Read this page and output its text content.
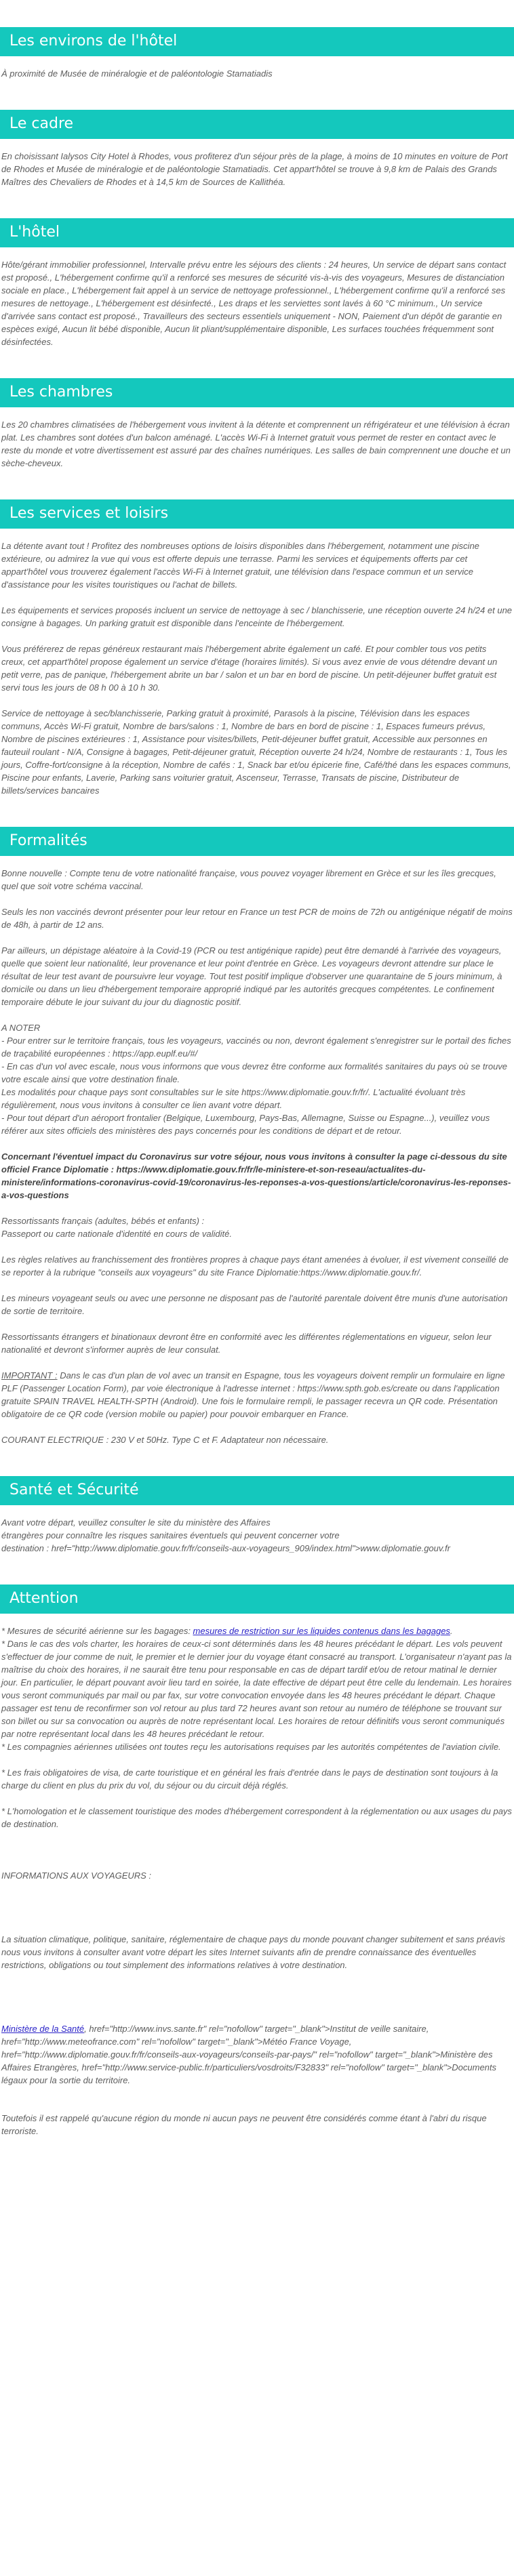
Les environs de l'hôtel

À proximité de Musée de minéralogie et de paléontologie Stamatiadis

Le cadre

En choisissant Ialysos City Hotel à Rhodes, vous profiterez d'un séjour près de la plage, à moins de 10 minutes en voiture de Port de Rhodes et Musée de minéralogie et de paléontologie Stamatiadis. Cet appart'hôtel se trouve à 9,8 km de Palais des Grands Maîtres des Chevaliers de Rhodes et à 14,5 km de Sources de Kallithéa.

L'hôtel

Hôte/gérant immobilier professionnel, Intervalle prévu entre les séjours des clients : 24 heures, Un service de départ sans contact est proposé., L'hébergement confirme qu'il a renforcé ses mesures de sécurité vis-à-vis des voyageurs, Mesures de distanciation sociale en place., L'hébergement fait appel à un service de nettoyage professionnel., L'hébergement confirme qu'il a renforcé ses mesures de nettoyage., L'hébergement est désinfecté., Les draps et les serviettes sont lavés à 60 °C minimum., Un service d'arrivée sans contact est proposé., Travailleurs des secteurs essentiels uniquement - NON, Paiement d'un dépôt de garantie en espèces exigé, Aucun lit bébé disponible, Aucun lit pliant/supplémentaire disponible, Les surfaces touchées fréquemment sont désinfectées.

Les chambres

Les 20 chambres climatisées de l'hébergement vous invitent à la détente et comprennent un réfrigérateur et une télévision à écran plat. Les chambres sont dotées d'un balcon aménagé. L'accès Wi-Fi à Internet gratuit vous permet de rester en contact avec le reste du monde et votre divertissement est assuré par des chaînes numériques. Les salles de bain comprennent une douche et un sèche-cheveux.

Les services et loisirs

La détente avant tout ! Profitez des nombreuses options de loisirs disponibles dans l'hébergement, notamment une piscine extérieure, ou admirez la vue qui vous est offerte depuis une terrasse. Parmi les services et équipements offerts par cet appart'hôtel vous trouverez également l'accès Wi-Fi à Internet gratuit, une télévision dans l'espace commun et un service d'assistance pour les visites touristiques ou l'achat de billets.

Les équipements et services proposés incluent un service de nettoyage à sec / blanchisserie, une réception ouverte 24 h/24 et une consigne à bagages. Un parking gratuit est disponible dans l'enceinte de l'hébergement.

Vous préférerez de repas généreux restaurant mais l'hébergement abrite également un café. Et pour combler tous vos petits creux, cet appart'hôtel propose également un service d'étage (horaires limités). Si vous avez envie de vous détendre devant un petit verre, pas de panique, l'hébergement abrite un bar / salon et un bar en bord de piscine. Un petit-déjeuner buffet gratuit est servi tous les jours de 08 h 00 à 10 h 30.

Service de nettoyage à sec/blanchisserie, Parking gratuit à proximité, Parasols à la piscine, Télévision dans les espaces communs, Accès Wi-Fi gratuit, Nombre de bars/salons : 1, Nombre de bars en bord de piscine : 1, Espaces fumeurs prévus, Nombre de piscines extérieures : 1, Assistance pour visites/billets, Petit-déjeuner buffet gratuit, Accessible aux personnes en fauteuil roulant - N/A, Consigne à bagages, Petit-déjeuner gratuit, Réception ouverte 24 h/24, Nombre de restaurants : 1, Tous les jours, Coffre-fort/consigne à la réception, Nombre de cafés : 1, Snack bar et/ou épicerie fine, Café/thé dans les espaces communs, Piscine pour enfants, Laverie, Parking sans voiturier gratuit, Ascenseur, Terrasse, Transats de piscine, Distributeur de billets/services bancaires

Formalités

Bonne nouvelle : Compte tenu de votre nationalité française, vous pouvez voyager librement en Grèce et sur les îles grecques, quel que soit votre schéma vaccinal.

Seuls les non vaccinés devront présenter pour leur retour en France un test PCR de moins de 72h ou antigénique négatif de moins de 48h, à partir de 12 ans.

Par ailleurs, un dépistage aléatoire à la Covid-19 (PCR ou test antigénique rapide) peut être demandé à l'arrivée des voyageurs, quelle que soient leur nationalité, leur provenance et leur point d'entrée en Grèce. Les voyageurs devront attendre sur place le résultat de leur test avant de poursuivre leur voyage. Tout test positif implique d'observer une quarantaine de 5 jours minimum, à domicile ou dans un lieu d'hébergement temporaire approprié indiqué par les autorités grecques compétentes. Le confinement temporaire débute le jour suivant du jour du diagnostic positif.

A NOTER
- Pour entrer sur le territoire français, tous les voyageurs, vaccinés ou non, devront également s'enregistrer sur le portail des fiches de traçabilité européennes : https://app.euplf.eu/#/
- En cas d'un vol avec escale, nous vous informons que vous devrez être conforme aux formalités sanitaires du pays où se trouve votre escale ainsi que votre destination finale.
Les modalités pour chaque pays sont consultables sur le site https://www.diplomatie.gouv.fr/fr/. L'actualité évoluant très régulièrement, nous vous invitons à consulter ce lien avant votre départ.
- Pour tout départ d'un aéroport frontalier (Belgique, Luxembourg, Pays-Bas, Allemagne, Suisse ou Espagne...), veuillez vous référer aux sites officiels des ministères des pays concernés pour les conditions de départ et de retour.

Concernant l'éventuel impact du Coronavirus sur votre séjour, nous vous invitons à consulter la page ci-dessous du site officiel France Diplomatie : https://www.diplomatie.gouv.fr/fr/le-ministere-et-son-reseau/actualites-du-ministere/informations-coronavirus-covid-19/coronavirus-les-reponses-a-vos-questions/article/coronavirus-les-reponses-a-vos-questions

Ressortissants français (adultes, bébés et enfants) :
Passeport ou carte nationale d'identité en cours de validité.

Les règles relatives au franchissement des frontières propres à chaque pays étant amenées à évoluer, il est vivement conseillé de se reporter à la rubrique "conseils aux voyageurs" du site France Diplomatie:https://www.diplomatie.gouv.fr/.

Les mineurs voyageant seuls ou avec une personne ne disposant pas de l'autorité parentale doivent être munis d'une autorisation de sortie de territoire.

Ressortissants étrangers et binationaux devront être en conformité avec les différentes réglementations en vigueur, selon leur nationalité et devront s'informer auprès de leur consulat.

IMPORTANT : Dans le cas d'un plan de vol avec un transit en Espagne, tous les voyageurs doivent remplir un formulaire en ligne PLF (Passenger Location Form), par voie électronique à l'adresse internet : https://www.spth.gob.es/create ou dans l'application gratuite SPAIN TRAVEL HEALTH-SPTH (Android). Une fois le formulaire rempli, le passager recevra un QR code. Présentation obligatoire de ce QR code (version mobile ou papier) pour pouvoir embarquer en France.

COURANT ELECTRIQUE : 230 V et 50Hz. Type C et F. Adaptateur non nécessaire.

Santé et Sécurité
Avant votre départ, veuillez consulter le site du ministère des Affaires
étrangères pour connaître les risques sanitaires éventuels qui peuvent concerner votre
destination : href="http://www.diplomatie.gouv.fr/fr/conseils-aux-voyageurs_909/index.html">www.diplomatie.gouv.fr
Attention
* Mesures de sécurité aérienne sur les bagages: mesures de restriction sur les liquides contenus dans les bagages.
* Dans le cas des vols charter, les horaires de ceux-ci sont déterminés dans les 48 heures précédant le départ. Les vols peuvent s'effectuer de jour comme de nuit, le premier et le dernier jour du voyage étant consacré au transport. L'organisateur n'ayant pas la maîtrise du choix des horaires, il ne saurait être tenu pour responsable en cas de départ tardif et/ou de retour matinal le dernier jour. En particulier, le départ pouvant avoir lieu tard en soirée, la date effective de départ peut être celle du lendemain. Les horaires vous seront communiqués par mail ou par fax, sur votre convocation envoyée dans les 48 heures précédant le départ. Chaque passager est tenu de reconfirmer son vol retour au plus tard 72 heures avant son retour au numéro de téléphone se trouvant sur son billet ou sur sa convocation ou auprès de notre représentant local. Les horaires de retour définitifs vous seront communiqués par notre représentant local dans les 48 heures précédant le retour.
* Les compagnies aériennes utilisées ont toutes reçu les autorisations requises par les autorités compétentes de l'aviation civile.

* Les frais obligatoires de visa, de carte touristique et en général les frais d'entrée dans le pays de destination sont toujours à la charge du client en plus du prix du vol, du séjour ou du circuit déjà réglés.

* L'homologation et le classement touristique des modes d'hébergement correspondent à la réglementation ou aux usages du pays de destination.

INFORMATIONS AUX VOYAGEURS :

La situation climatique, politique, sanitaire, réglementaire de chaque pays du monde pouvant changer subitement et sans préavis
nous vous invitons à consulter avant votre départ les sites Internet suivants afin de prendre connaissance des éventuelles restrictions, obligations ou tout simplement des informations relatives à votre destination.

Ministère de la Santé, href="http://www.invs.sante.fr" rel="nofollow" target="_blank">Institut de veille sanitaire, href="http://www.meteofrance.com" rel="nofollow" target="_blank">Météo France Voyage, href="http://www.diplomatie.gouv.fr/fr/conseils-aux-voyageurs/conseils-par-pays/" rel="nofollow" target="_blank">Ministère des Affaires Etrangères, href="http://www.service-public.fr/particuliers/vosdroits/F32833" rel="nofollow" target="_blank">Documents légaux pour la sortie du territoire.

Toutefois il est rappelé qu'aucune région du monde ni aucun pays ne peuvent être considérés comme étant à l'abri du risque terroriste.
